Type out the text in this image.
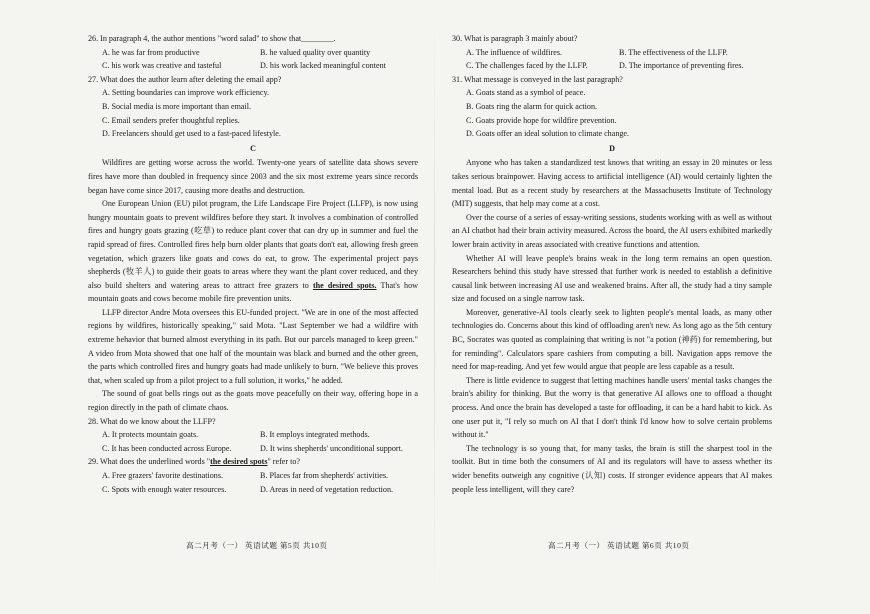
26. In paragraph 4, the author mentions "word salad" to show that________.

A. he was far from productive	B. he valued quality over quantity

C. his work was creative and tasteful	D. his work lacked meaningful content

27. What does the author learn after deleting the email app?

A. Setting boundaries can improve work efficiency.

B. Social media is more important than email.

C. Email senders prefer thoughtful replies.

D. Freelancers should get used to a fast-paced lifestyle.

C

Wildfires are getting worse across the world. Twenty-one years of satellite data shows severe fires have more than doubled in frequency since 2003 and the six most extreme years since records began have come since 2017, causing more deaths and destruction.

One European Union (EU) pilot program, the Life Landscape Fire Project (LLFP), is now using hungry mountain goats to prevent wildfires before they start. It involves a combination of controlled fires and hungry goats grazing (吃草) to reduce plant cover that can dry up in summer and fuel the rapid spread of fires. Controlled fires help burn older plants that goats don't eat, allowing fresh green vegetation, which grazers like goats and cows do eat, to grow. The experimental project pays shepherds (牧羊人) to guide their goats to areas where they want the plant cover reduced, and they also build shelters and watering areas to attract free grazers to the desired spots. That's how mountain goats and cows become mobile fire prevention units.

LLFP director Andre Mota oversees this EU-funded project. "We are in one of the most affected regions by wildfires, historically speaking," said Mota. "Last September we had a wildfire with extreme behavior that burned almost everything in its path. But our parcels managed to keep green." A video from Mota showed that one half of the mountain was black and burned and the other green, the parts which controlled fires and hungry goats had made unlikely to burn. "We believe this proves that, when scaled up from a pilot project to a full solution, it works," he added.

The sound of goat bells rings out as the goats move peacefully on their way, offering hope in a region directly in the path of climate chaos.

28. What do we know about the LLFP?

A. It protects mountain goats.	B. It employs integrated methods.

C. It has been conducted across Europe.	D. It wins shepherds' unconditional support.

29. What does the underlined words "the desired spots" refer to?

A. Free grazers' favorite destinations.	B. Places far from shepherds' activities.

C. Spots with enough water resources.	D. Areas in need of vegetation reduction.

30. What is paragraph 3 mainly about?

A. The influence of wildfires.	B. The effectiveness of the LLFP.

C. The challenges faced by the LLFP.	D. The importance of preventing fires.

31. What message is conveyed in the last paragraph?

A. Goats stand as a symbol of peace.

B. Goats ring the alarm for quick action.

C. Goats provide hope for wildfire prevention.

D. Goats offer an ideal solution to climate change.

D

Anyone who has taken a standardized test knows that writing an essay in 20 minutes or less takes serious brainpower. Having access to artificial intelligence (AI) would certainly lighten the mental load. But as a recent study by researchers at the Massachusetts Institute of Technology (MIT) suggests, that help may come at a cost.

Over the course of a series of essay-writing sessions, students working with as well as without an AI chatbot had their brain activity measured. Across the board, the AI users exhibited markedly lower brain activity in areas associated with creative functions and attention.

Whether AI will leave people's brains weak in the long term remains an open question. Researchers behind this study have stressed that further work is needed to establish a definitive causal link between increasing AI use and weakened brains. After all, the study had a tiny sample size and focused on a single narrow task.

Moreover, generative-AI tools clearly seek to lighten people's mental loads, as many other technologies do. Concerns about this kind of offloading aren't new. As long ago as the 5th century BC, Socrates was quoted as complaining that writing is not "a potion (神药) for remembering, but for reminding". Calculators spare cashiers from computing a bill. Navigation apps remove the need for map-reading. And yet few would argue that people are less capable as a result.

There is little evidence to suggest that letting machines handle users' mental tasks changes the brain's ability for thinking. But the worry is that generative AI allows one to offload a thought process. And once the brain has developed a taste for offloading, it can be a hard habit to kick. As one user put it, "I rely so much on AI that I don't think I'd know how to solve certain problems without it."

The technology is so young that, for many tasks, the brain is still the sharpest tool in the toolkit. But in time both the consumers of AI and its regulators will have to assess whether its wider benefits outweigh any cognitive (认知) costs. If stronger evidence appears that AI makes people less intelligent, will they care?

高二月考（一） 英语试题 第5页 共10页	高二月考（一） 英语试题 第6页 共10页
